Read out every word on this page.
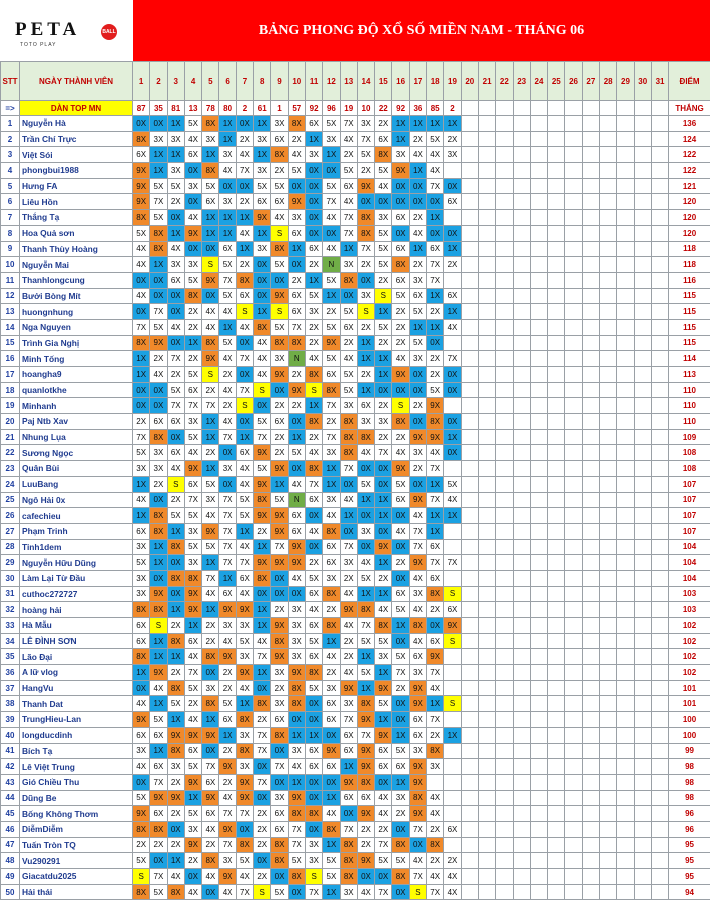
PETA	BALL
TOTO PLAY
BẢNG PHONG ĐỘ XỔ SỐ MIỀN NAM - THÁNG 06
STT	NGÀY THÀNH VIÊN	1	2	3	4	5	6	7	8	9	10	11	12	13	14	15	16	17	18	19	20	21	22	23	24	25	26	27	28	29	30	31	ĐIỂM
=>	DÀN TOP MN	87	35	81	13	78	80	2	61	1	57	92	96	19	10	22	92	36	85	2													THẮNG
1	Nguyễn Hà	0X	0X	1X	5X	8X	1X	0X	1X	3X	8X	6X	5X	7X	3X	2X	1X	1X	1X	1X													136
2	Trần Chí Trực	8X	3X	3X	4X	3X	1X	2X	3X	6X	2X	1X	3X	4X	7X	6X	1X	2X	5X	2X													124
3	Việt Sói	6X	1X	1X	6X	1X	3X	4X	1X	8X	4X	3X	1X	2X	5X	8X	3X	4X	4X	3X													122
4	phongbui1988	9X	1X	3X	0X	8X	4X	7X	3X	2X	5X	0X	0X	5X	2X	5X	9X	1X	4X														122
5	Hưng FA	9X	5X	5X	3X	5X	0X	0X	5X	5X	0X	0X	5X	6X	9X	4X	0X	0X	7X	0X													121
6	Liêu Hồn	9X	7X	2X	0X	6X	3X	2X	6X	6X	9X	0X	7X	4X	0X	0X	0X	0X	0X	6X													120
7	Thắng Tạ	8X	5X	0X	4X	1X	1X	1X	9X	4X	3X	0X	4X	7X	8X	3X	6X	2X	1X														120
8	Hoa Quả sơn	5X	8X	1X	9X	1X	1X	4X	1X	S	6X	0X	0X	7X	8X	5X	0X	4X	0X	0X													120
9	Thanh Thùy Hoàng	4X	8X	4X	0X	0X	6X	1X	3X	8X	1X	6X	4X	1X	7X	5X	6X	1X	6X	1X													118
10	Nguyễn Mai	4X	1X	3X	3X	S	5X	2X	0X	5X	0X	2X	N	3X	2X	5X	8X	2X	7X	2X													118
11	Thanhlongcung	0X	0X	6X	5X	9X	7X	8X	0X	0X	2X	1X	5X	8X	0X	2X	6X	3X	7X														116
12	Bưởi Bòng Mít	4X	0X	0X	8X	0X	5X	6X	0X	9X	6X	5X	1X	0X	3X	S	5X	6X	1X	6X													115
13	huongnhung	0X	7X	0X	2X	4X	4X	S	1X	S	6X	3X	2X	5X	S	1X	2X	5X	2X	1X													115
14	Nga Nguyen	7X	5X	4X	2X	4X	1X	4X	8X	5X	7X	2X	5X	6X	2X	5X	2X	1X	1X	4X													115
15	Trình Gia Nghị	8X	9X	0X	1X	8X	5X	0X	4X	8X	8X	2X	9X	2X	1X	2X	2X	5X	0X														115
16	Minh Tống	1X	2X	7X	2X	9X	4X	7X	4X	3X	N	4X	5X	4X	1X	1X	4X	3X	2X	7X													114
17	hoangha9	1X	4X	2X	5X	S	2X	0X	4X	9X	2X	8X	6X	5X	2X	1X	9X	0X	2X	0X													113
18	quanlotkhe	0X	0X	5X	6X	2X	4X	7X	S	0X	9X	S	8X	5X	1X	0X	0X	0X	5X	0X													110
19	Minhanh	0X	0X	7X	7X	7X	2X	S	0X	2X	2X	1X	7X	3X	6X	2X	S	2X	9X														110
20	Paj Ntb Xav	2X	6X	6X	3X	1X	4X	0X	5X	6X	0X	8X	2X	8X	3X	3X	8X	0X	8X	0X													110
21	Nhung Lụa	7X	8X	0X	5X	1X	7X	1X	7X	2X	1X	2X	7X	8X	8X	2X	2X	9X	9X	1X													109
22	Sương Ngọc	5X	3X	6X	4X	2X	0X	6X	9X	2X	5X	4X	3X	8X	4X	7X	4X	3X	4X	0X													108
23	Quân Bùi	3X	3X	4X	9X	1X	3X	4X	5X	9X	0X	8X	1X	7X	0X	0X	9X	2X	7X														108
24	LuuBang	1X	2X	S	6X	5X	0X	4X	9X	1X	4X	7X	1X	0X	5X	0X	5X	0X	1X	5X													107
25	Ngô Hải 0x	4X	0X	2X	7X	3X	7X	5X	8X	5X	N	6X	3X	4X	1X	1X	6X	9X	7X	4X													107
26	cafechieu	1X	8X	5X	5X	4X	7X	5X	9X	9X	6X	0X	4X	1X	0X	1X	0X	4X	1X	1X													107
27	Phạm Trinh	6X	8X	1X	3X	9X	7X	1X	2X	9X	6X	4X	8X	0X	3X	0X	4X	7X	1X														107
28	Tinh1dem	3X	1X	8X	5X	5X	7X	4X	1X	7X	9X	0X	6X	7X	0X	9X	0X	7X	6X														104
29	Nguyễn Hữu Dũng	5X	1X	0X	3X	1X	7X	7X	9X	9X	9X	2X	6X	3X	4X	1X	2X	9X	7X	7X													104
30	Làm Lại Từ Đầu	3X	0X	8X	8X	7X	1X	6X	8X	0X	4X	5X	3X	2X	5X	2X	0X	4X	6X														104
31	cuthoc272727	3X	9X	0X	9X	4X	6X	4X	0X	0X	0X	6X	8X	4X	1X	1X	6X	3X	8X	S													103
32	hoàng hải	8X	8X	1X	9X	1X	9X	9X	1X	2X	3X	4X	2X	9X	8X	4X	5X	4X	2X	6X													103
33	Hà Mẫu	6X	S	2X	1X	2X	3X	3X	1X	9X	3X	6X	8X	4X	7X	8X	1X	8X	0X	9X													102
34	LÊ ĐÌNH SƠN	6X	1X	8X	6X	2X	4X	5X	4X	8X	3X	5X	1X	2X	5X	5X	0X	4X	6X	S													102
35	Lão Đại	8X	1X	1X	4X	8X	9X	3X	7X	9X	3X	6X	4X	2X	1X	3X	5X	6X	9X														102
36	A lữ vlog	1X	9X	2X	7X	0X	2X	9X	1X	3X	9X	8X	2X	4X	5X	1X	7X	3X	7X														102
37	HangVu	0X	4X	8X	5X	3X	2X	4X	0X	2X	8X	5X	3X	9X	1X	9X	2X	9X	4X														101
38	Thanh Dat	4X	1X	5X	2X	8X	5X	1X	8X	3X	8X	0X	6X	3X	8X	5X	0X	9X	1X	S													101
39	TrungHieu-Lan	9X	5X	1X	4X	1X	6X	8X	2X	6X	0X	0X	6X	7X	9X	1X	0X	6X	7X														100
40	longducdinh	6X	6X	9X	9X	9X	1X	3X	7X	8X	1X	1X	0X	6X	7X	9X	1X	6X	2X	1X													100
41	Bích Tạ	3X	1X	8X	6X	0X	2X	8X	7X	0X	3X	6X	9X	6X	9X	6X	5X	3X	8X														99
42	Lê Việt Trung	4X	6X	3X	5X	7X	9X	3X	0X	7X	4X	6X	6X	1X	9X	6X	6X	9X	3X														98
43	Gió Chiều Thu	0X	7X	2X	9X	6X	2X	9X	7X	0X	1X	0X	0X	9X	8X	0X	1X	9X															98
44	Dũng Be	5X	9X	9X	1X	9X	4X	9X	0X	3X	9X	0X	1X	6X	6X	4X	3X	8X	4X														98
45	Bống Không Thơm	9X	6X	2X	5X	6X	7X	7X	2X	6X	8X	8X	4X	0X	9X	4X	2X	9X	4X														96
46	DiễmDiễm	8X	8X	0X	3X	4X	9X	0X	2X	6X	7X	0X	8X	7X	2X	2X	0X	7X	2X	6X													96
47	Tuấn Tròn TQ	2X	2X	2X	9X	2X	7X	8X	2X	8X	7X	3X	1X	8X	2X	7X	8X	0X	8X														95
48	Vu290291	5X	0X	1X	2X	8X	3X	5X	0X	8X	5X	3X	5X	8X	9X	5X	5X	4X	2X	2X													95
49	Giacatdu2025	S	7X	4X	0X	4X	9X	4X	2X	0X	8X	S	5X	8X	0X	0X	8X	7X	4X	4X													95
50	Hải thái	8X	5X	8X	4X	0X	4X	7X	S	5X	0X	7X	1X	3X	4X	7X	0X	S	7X	4X													94
